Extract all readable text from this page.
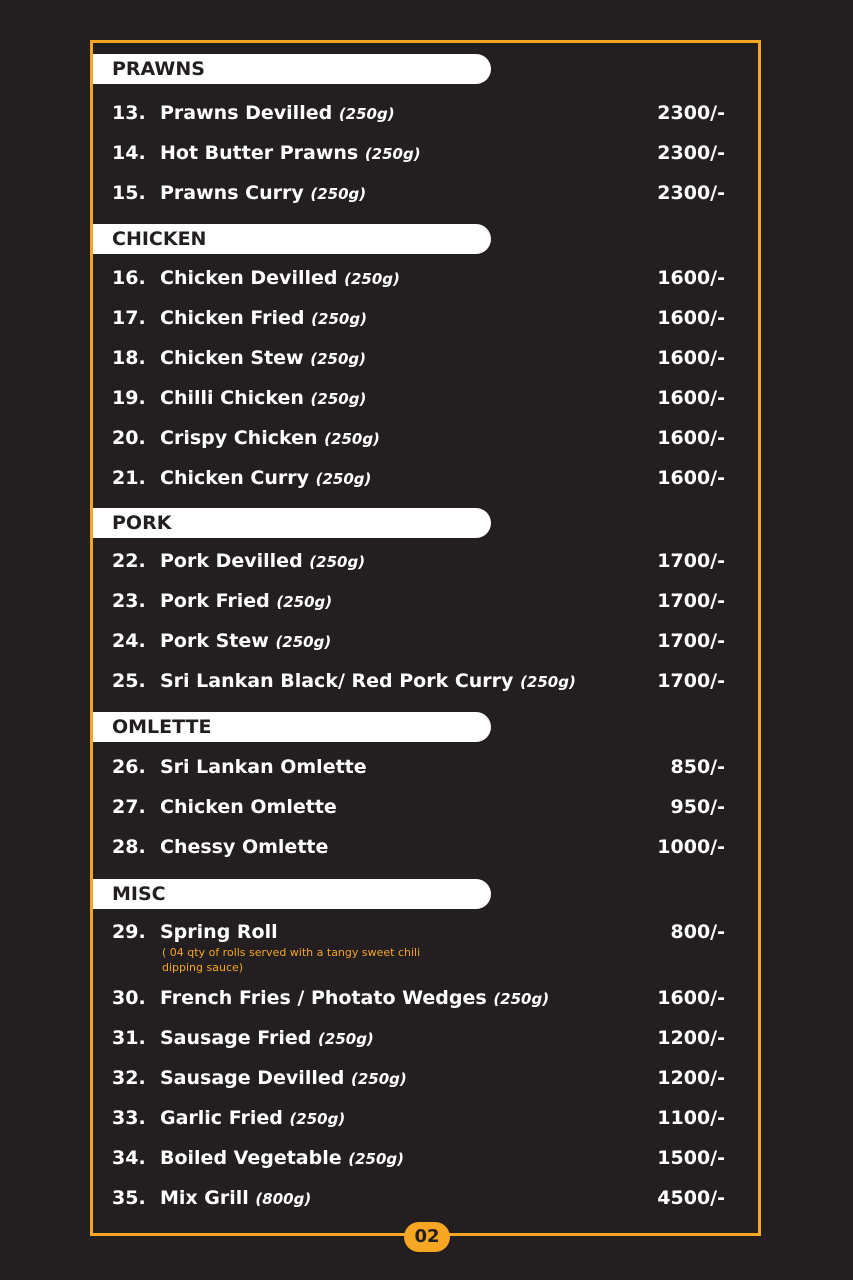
PRAWNS
13. Prawns Devilled (250g)	2300/-
14. Hot Butter Prawns (250g)	2300/-
15. Prawns Curry (250g)	2300/-
CHICKEN
16. Chicken Devilled (250g)	1600/-
17. Chicken Fried (250g)	1600/-
18. Chicken Stew (250g)	1600/-
19. Chilli Chicken (250g)	1600/-
20. Crispy Chicken (250g)	1600/-
21. Chicken Curry (250g)	1600/-
PORK
22. Pork Devilled (250g)	1700/-
23. Pork Fried (250g)	1700/-
24. Pork Stew (250g)	1700/-
25. Sri Lankan Black/ Red Pork Curry (250g)	1700/-
OMLETTE
26. Sri Lankan Omlette	850/-
27. Chicken Omlette	950/-
28. Chessy Omlette	1000/-
MISC
29. Spring Roll	800/-
( 04 qty of rolls served with a tangy sweet chili dipping sauce)
30. French Fries / Photato Wedges (250g)	1600/-
31. Sausage Fried (250g)	1200/-
32. Sausage Devilled (250g)	1200/-
33. Garlic Fried (250g)	1100/-
34. Boiled Vegetable (250g)	1500/-
35. Mix Grill (800g)	4500/-
02
